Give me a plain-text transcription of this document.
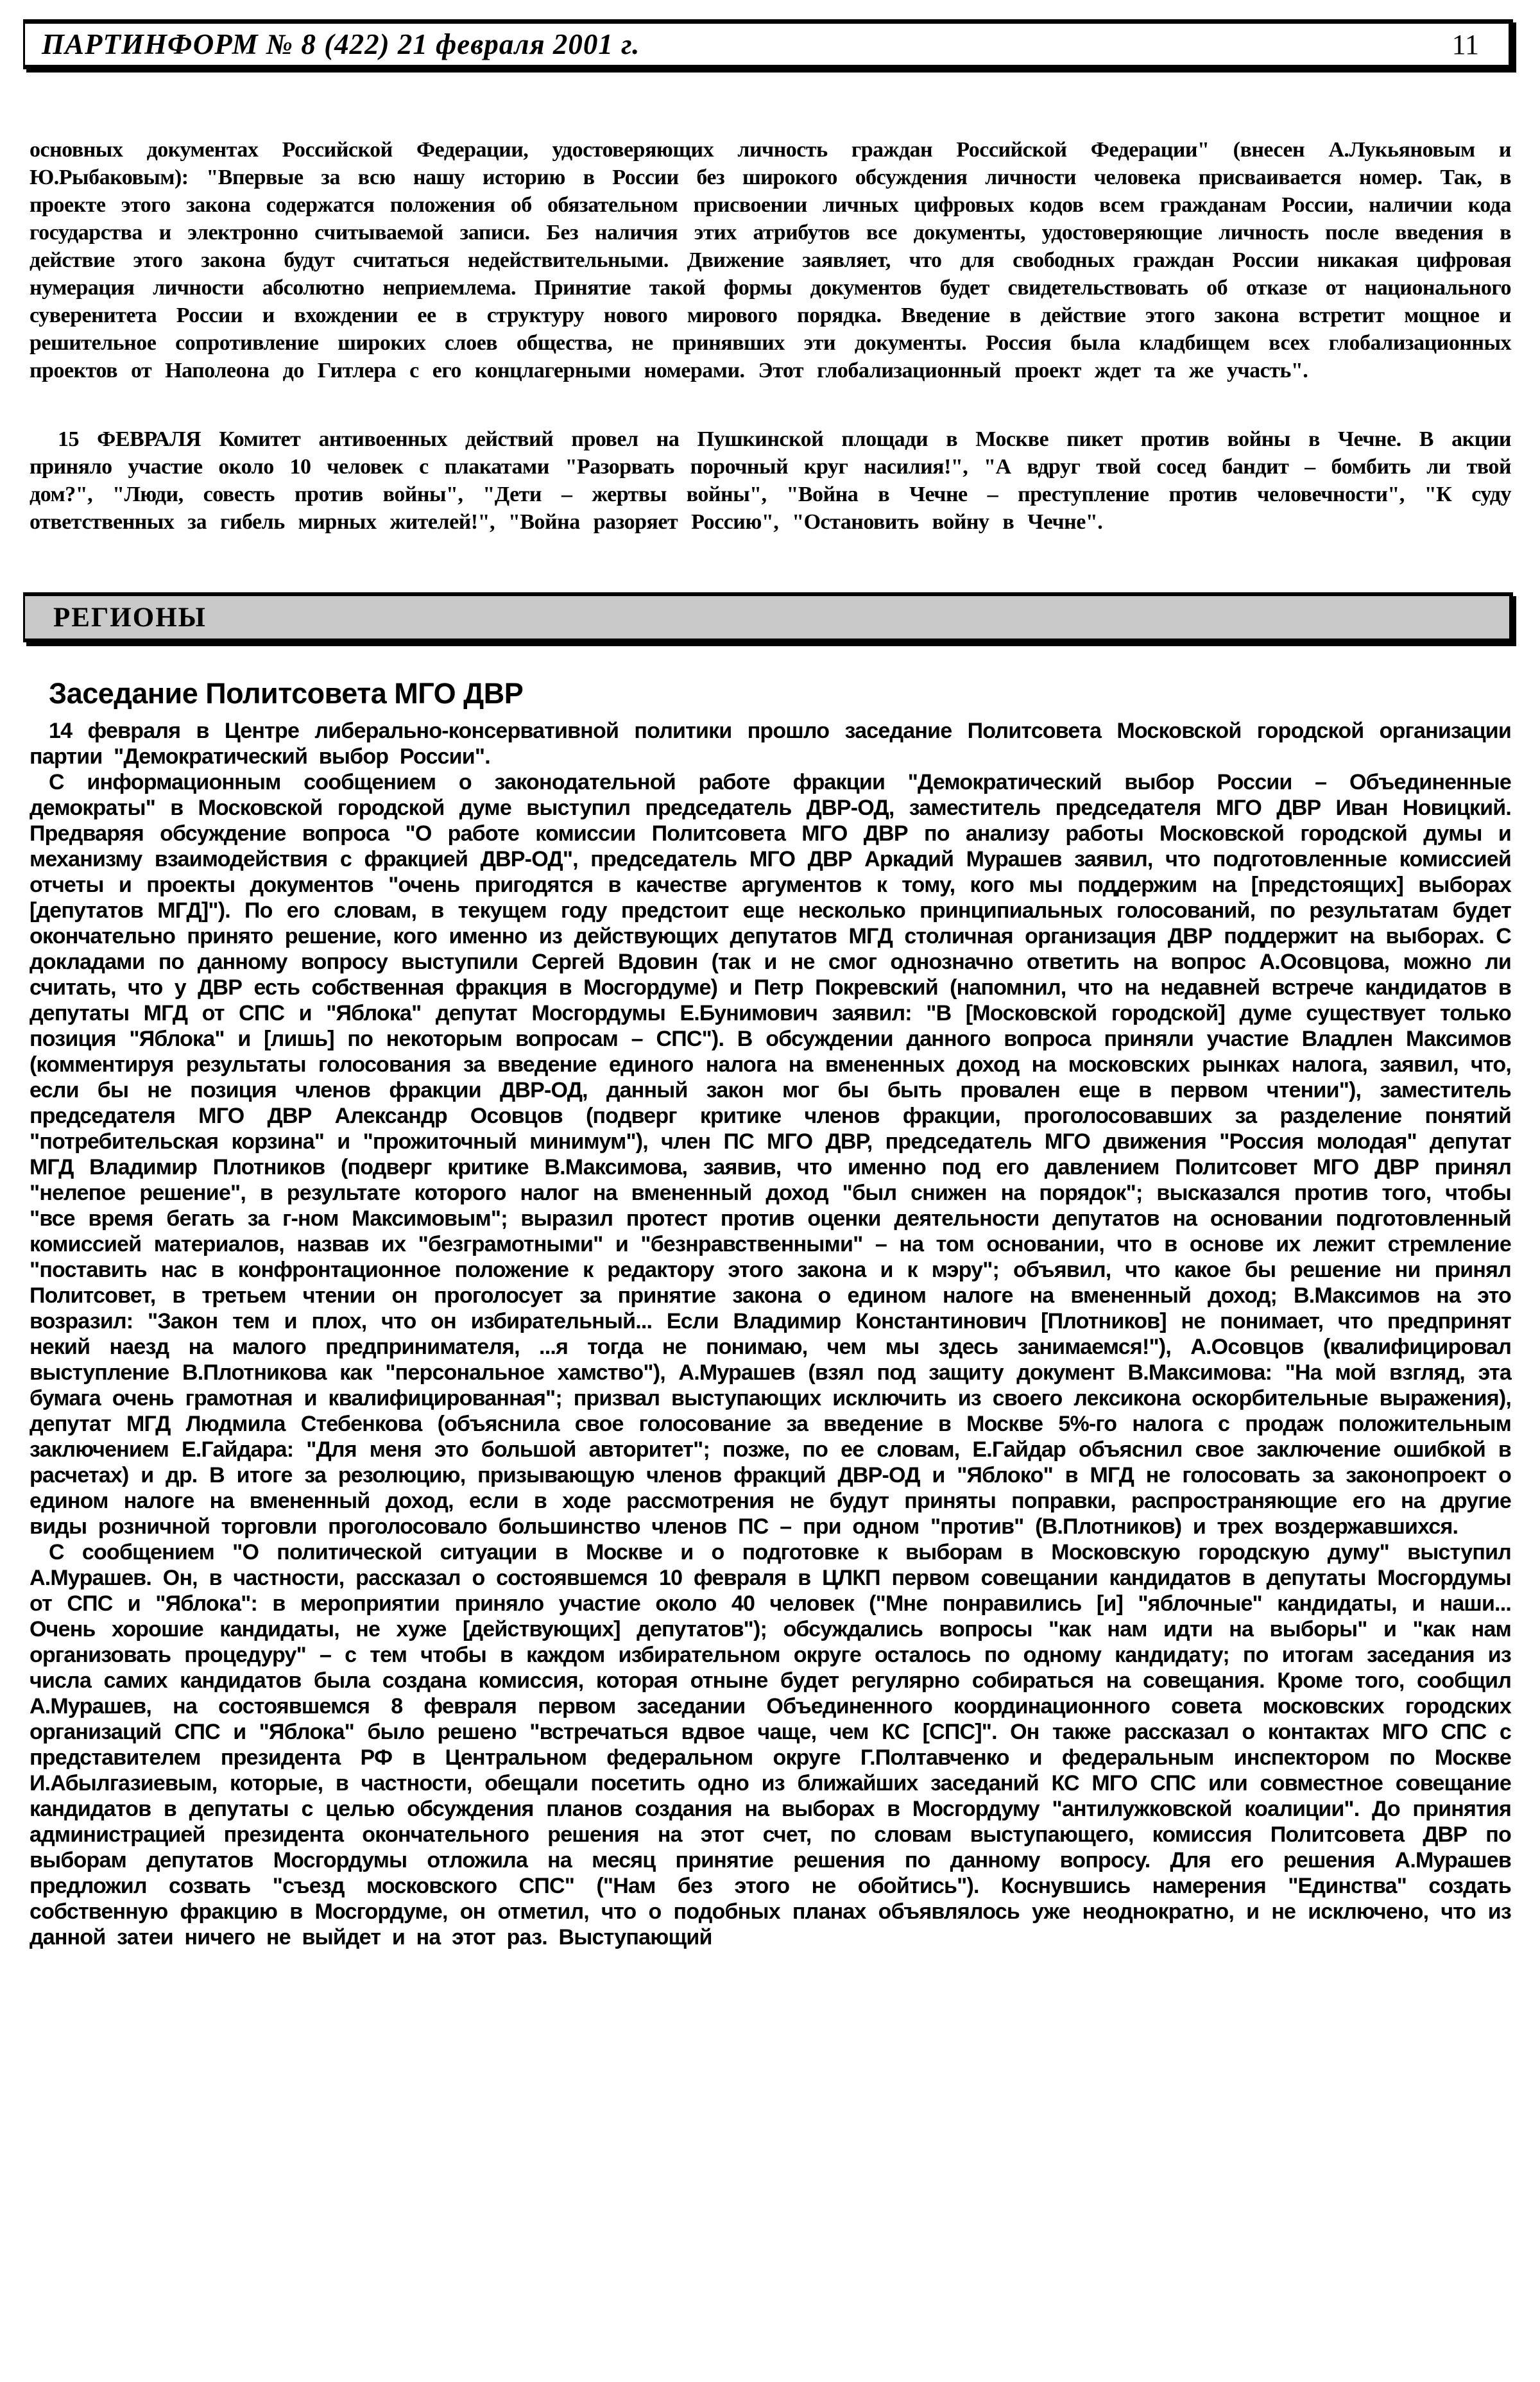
ПАРТИНФОРМ № 8 (422) 21 февраля 2001 г.	11

основных документах Российской Федерации, удостоверяющих личность граждан Российской Федерации" (внесен А.Лукьяновым и Ю.Рыбаковым): "Впервые за всю нашу историю в России без широкого обсуждения личности человека присваивается номер. Так, в проекте этого закона содержатся положения об обязательном присвоении личных цифровых кодов всем гражданам России, наличии кода государства и электронно считываемой записи. Без наличия этих атрибутов все документы, удостоверяющие личность после введения в действие этого закона будут считаться недействительными. Движение заявляет, что для свободных граждан России никакая цифровая нумерация личности абсолютно неприемлема. Принятие такой формы документов будет свидетельствовать об отказе от национального суверенитета России и вхождении ее в структуру нового мирового порядка. Введение в действие этого закона встретит мощное и решительное сопротивление широких слоев общества, не принявших эти документы. Россия была кладбищем всех глобализационных проектов от Наполеона до Гитлера с его концлагерными номерами. Этот глобализационный проект ждет та же участь".

15 ФЕВРАЛЯ Комитет антивоенных действий провел на Пушкинской площади в Москве пикет против войны в Чечне. В акции приняло участие около 10 человек с плакатами "Разорвать порочный круг насилия!", "А вдруг твой сосед бандит – бомбить ли твой дом?", "Люди, совесть против войны", "Дети – жертвы войны", "Война в Чечне – преступление против человечности", "К суду ответственных за гибель мирных жителей!", "Война разоряет Россию", "Остановить войну в Чечне".

РЕГИОНЫ
Заседание Политсовета МГО ДВР

14 февраля в Центре либерально-консервативной политики прошло заседание Политсовета Московской городской организации партии "Демократический выбор России".

С информационным сообщением о законодательной работе фракции "Демократический выбор России – Объединенные демократы" в Московской городской думе выступил председатель ДВР-ОД, заместитель председателя МГО ДВР Иван Новицкий. Предваряя обсуждение вопроса "О работе комиссии Политсовета МГО ДВР по анализу работы Московской городской думы и механизму взаимодействия с фракцией ДВР-ОД", председатель МГО ДВР Аркадий Мурашев заявил, что подготовленные комиссией отчеты и проекты документов "очень пригодятся в качестве аргументов к тому, кого мы поддержим на [предстоящих] выборах [депутатов МГД]"). По его словам, в текущем году предстоит еще несколько принципиальных голосований, по результатам будет окончательно принято решение, кого именно из действующих депутатов МГД столичная организация ДВР поддержит на выборах. С докладами по данному вопросу выступили Сергей Вдовин (так и не смог однозначно ответить на вопрос А.Осовцова, можно ли считать, что у ДВР есть собственная фракция в Мосгордуме) и Петр Покревский (напомнил, что на недавней встрече кандидатов в депутаты МГД от СПС и "Яблока" депутат Мосгордумы Е.Бунимович заявил: "В [Московской городской] думе существует только позиция "Яблока" и [лишь] по некоторым вопросам – СПС"). В обсуждении данного вопроса приняли участие Владлен Максимов (комментируя результаты голосования за введение единого налога на вмененных доход на московских рынках налога, заявил, что, если бы не позиция членов фракции ДВР-ОД, данный закон мог бы быть провален еще в первом чтении"), заместитель председателя МГО ДВР Александр Осовцов (подверг критике членов фракции, проголосовавших за разделение понятий "потребительская корзина" и "прожиточный минимум"), член ПС МГО ДВР, председатель МГО движения "Россия молодая" депутат МГД Владимир Плотников (подверг критике В.Максимова, заявив, что именно под его давлением Политсовет МГО ДВР принял "нелепое решение", в результате которого налог на вмененный доход "был снижен на порядок"; высказался против того, чтобы "все время бегать за г-ном Максимовым"; выразил протест против оценки деятельности депутатов на основании подготовленный комиссией материалов, назвав их "безграмотными" и "безнравственными" – на том основании, что в основе их лежит стремление "поставить нас в конфронтационное положение к редактору этого закона и к мэру"; объявил, что какое бы решение ни принял Политсовет, в третьем чтении он проголосует за принятие закона о едином налоге на вмененный доход; В.Максимов на это возразил: "Закон тем и плох, что он избирательный... Если Владимир Константинович [Плотников] не понимает, что предпринят некий наезд на малого предпринимателя, ...я тогда не понимаю, чем мы здесь занимаемся!"), А.Осовцов (квалифицировал выступление В.Плотникова как "персональное хамство"), А.Мурашев (взял под защиту документ В.Максимова: "На мой взгляд, эта бумага очень грамотная и квалифицированная"; призвал выступающих исключить из своего лексикона оскорбительные выражения), депутат МГД Людмила Стебенкова (объяснила свое голосование за введение в Москве 5%-го налога с продаж положительным заключением Е.Гайдара: "Для меня это большой авторитет"; позже, по ее словам, Е.Гайдар объяснил свое заключение ошибкой в расчетах) и др. В итоге за резолюцию, призывающую членов фракций ДВР-ОД и "Яблоко" в МГД не голосовать за законопроект о едином налоге на вмененный доход, если в ходе рассмотрения не будут приняты поправки, распространяющие его на другие виды розничной торговли проголосовало большинство членов ПС – при одном "против" (В.Плотников) и трех воздержавшихся.

С сообщением "О политической ситуации в Москве и о подготовке к выборам в Московскую городскую думу" выступил А.Мурашев. Он, в частности, рассказал о состоявшемся 10 февраля в ЦЛКП первом совещании кандидатов в депутаты Мосгордумы от СПС и "Яблока": в мероприятии приняло участие около 40 человек ("Мне понравились [и] "яблочные" кандидаты, и наши... Очень хорошие кандидаты, не хуже [действующих] депутатов"); обсуждались вопросы "как нам идти на выборы" и "как нам организовать процедуру" – с тем чтобы в каждом избирательном округе осталось по одному кандидату; по итогам заседания из числа самих кандидатов была создана комиссия, которая отныне будет регулярно собираться на совещания. Кроме того, сообщил А.Мурашев, на состоявшемся 8 февраля первом заседании Объединенного координационного совета московских городских организаций СПС и "Яблока" было решено "встречаться вдвое чаще, чем КС [СПС]". Он также рассказал о контактах МГО СПС с представителем президента РФ в Центральном федеральном округе Г.Полтавченко и федеральным инспектором по Москве И.Абылгазиевым, которые, в частности, обещали посетить одно из ближайших заседаний КС МГО СПС или совместное совещание кандидатов в депутаты с целью обсуждения планов создания на выборах в Мосгордуму "антилужковской коалиции". До принятия администрацией президента окончательного решения на этот счет, по словам выступающего, комиссия Политсовета ДВР по выборам депутатов Мосгордумы отложила на месяц принятие решения по данному вопросу. Для его решения А.Мурашев предложил созвать "съезд московского СПС" ("Нам без этого не обойтись"). Коснувшись намерения "Единства" создать собственную фракцию в Мосгордуме, он отметил, что о подобных планах объявлялось уже неоднократно, и не исключено, что из данной затеи ничего не выйдет и на этот раз. Выступающий
